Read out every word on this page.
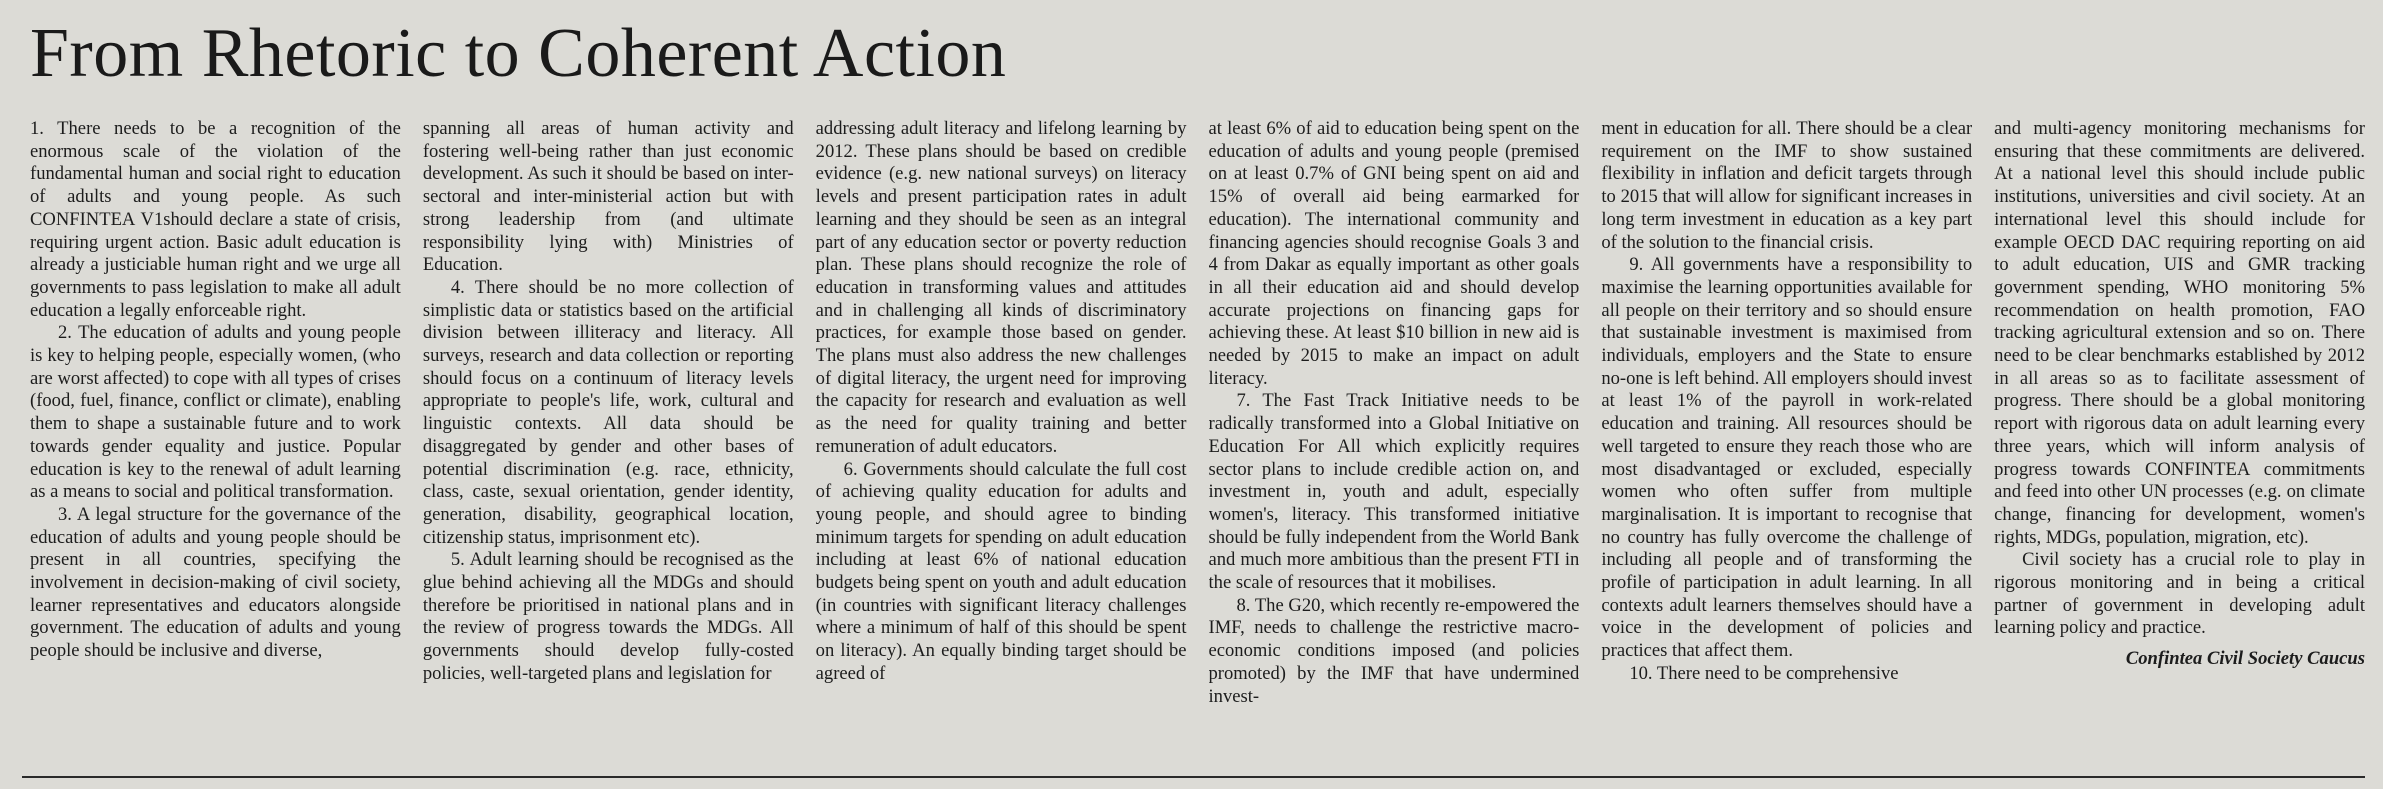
From Rhetoric to Coherent Action

1. There needs to be a recognition of the enormous scale of the violation of the fundamental human and social right to education of adults and young people. As such CONFINTEA V1should declare a state of crisis, requiring urgent action. Basic adult education is already a justiciable human right and we urge all governments to pass legislation to make all adult education a legally enforceable right.

2. The education of adults and young people is key to helping people, especially women, (who are worst affected) to cope with all types of crises (food, fuel, finance, conflict or climate), enabling them to shape a sustainable future and to work towards gender equality and justice. Popular education is key to the renewal of adult learning as a means to social and political transformation.

3. A legal structure for the governance of the education of adults and young people should be present in all countries, specifying the involvement in decision-making of civil society, learner representatives and educators alongside government. The education of adults and young people should be inclusive and diverse,

spanning all areas of human activity and fostering well-being rather than just economic development. As such it should be based on inter-sectoral and inter-ministerial action but with strong leadership from (and ultimate responsibility lying with) Ministries of Education.

4. There should be no more collection of simplistic data or statistics based on the artificial division between illiteracy and literacy. All surveys, research and data collection or reporting should focus on a continuum of literacy levels appropriate to people's life, work, cultural and linguistic contexts. All data should be disaggregated by gender and other bases of potential discrimination (e.g. race, ethnicity, class, caste, sexual orientation, gender identity, generation, disability, geographical location, citizenship status, imprisonment etc).

5. Adult learning should be recognised as the glue behind achieving all the MDGs and should therefore be prioritised in national plans and in the review of progress towards the MDGs. All governments should develop fully-costed policies, well-targeted plans and legislation for

addressing adult literacy and lifelong learning by 2012. These plans should be based on credible evidence (e.g. new national surveys) on literacy levels and present participation rates in adult learning and they should be seen as an integral part of any education sector or poverty reduction plan. These plans should recognize the role of education in transforming values and attitudes and in challenging all kinds of discriminatory practices, for example those based on gender. The plans must also address the new challenges of digital literacy, the urgent need for improving the capacity for research and evaluation as well as the need for quality training and better remuneration of adult educators.

6. Governments should calculate the full cost of achieving quality education for adults and young people, and should agree to binding minimum targets for spending on adult education including at least 6% of national education budgets being spent on youth and adult education (in countries with significant literacy challenges where a minimum of half of this should be spent on literacy). An equally binding target should be agreed of

at least 6% of aid to education being spent on the education of adults and young people (premised on at least 0.7% of GNI being spent on aid and 15% of overall aid being earmarked for education). The international community and financing agencies should recognise Goals 3 and 4 from Dakar as equally important as other goals in all their education aid and should develop accurate projections on financing gaps for achieving these. At least $10 billion in new aid is needed by 2015 to make an impact on adult literacy.

7. The Fast Track Initiative needs to be radically transformed into a Global Initiative on Education For All which explicitly requires sector plans to include credible action on, and investment in, youth and adult, especially women's, literacy. This transformed initiative should be fully independent from the World Bank and much more ambitious than the present FTI in the scale of resources that it mobilises.

8. The G20, which recently re-empowered the IMF, needs to challenge the restrictive macro-economic conditions imposed (and policies promoted) by the IMF that have undermined invest-

ment in education for all. There should be a clear requirement on the IMF to show sustained flexibility in inflation and deficit targets through to 2015 that will allow for significant increases in long term investment in education as a key part of the solution to the financial crisis.

9. All governments have a responsibility to maximise the learning opportunities available for all people on their territory and so should ensure that sustainable investment is maximised from individuals, employers and the State to ensure no-one is left behind. All employers should invest at least 1% of the payroll in work-related education and training. All resources should be well targeted to ensure they reach those who are most disadvantaged or excluded, especially women who often suffer from multiple marginalisation. It is important to recognise that no country has fully overcome the challenge of including all people and of transforming the profile of participation in adult learning. In all contexts adult learners themselves should have a voice in the development of policies and practices that affect them.

10. There need to be comprehensive

and multi-agency monitoring mechanisms for ensuring that these commitments are delivered. At a national level this should include public institutions, universities and civil society. At an international level this should include for example OECD DAC requiring reporting on aid to adult education, UIS and GMR tracking government spending, WHO monitoring 5% recommendation on health promotion, FAO tracking agricultural extension and so on. There need to be clear benchmarks established by 2012 in all areas so as to facilitate assessment of progress. There should be a global monitoring report with rigorous data on adult learning every three years, which will inform analysis of progress towards CONFINTEA commitments and feed into other UN processes (e.g. on climate change, financing for development, women's rights, MDGs, population, migration, etc).

Civil society has a crucial role to play in rigorous monitoring and in being a critical partner of government in developing adult learning policy and practice.

Confintea Civil Society Caucus
